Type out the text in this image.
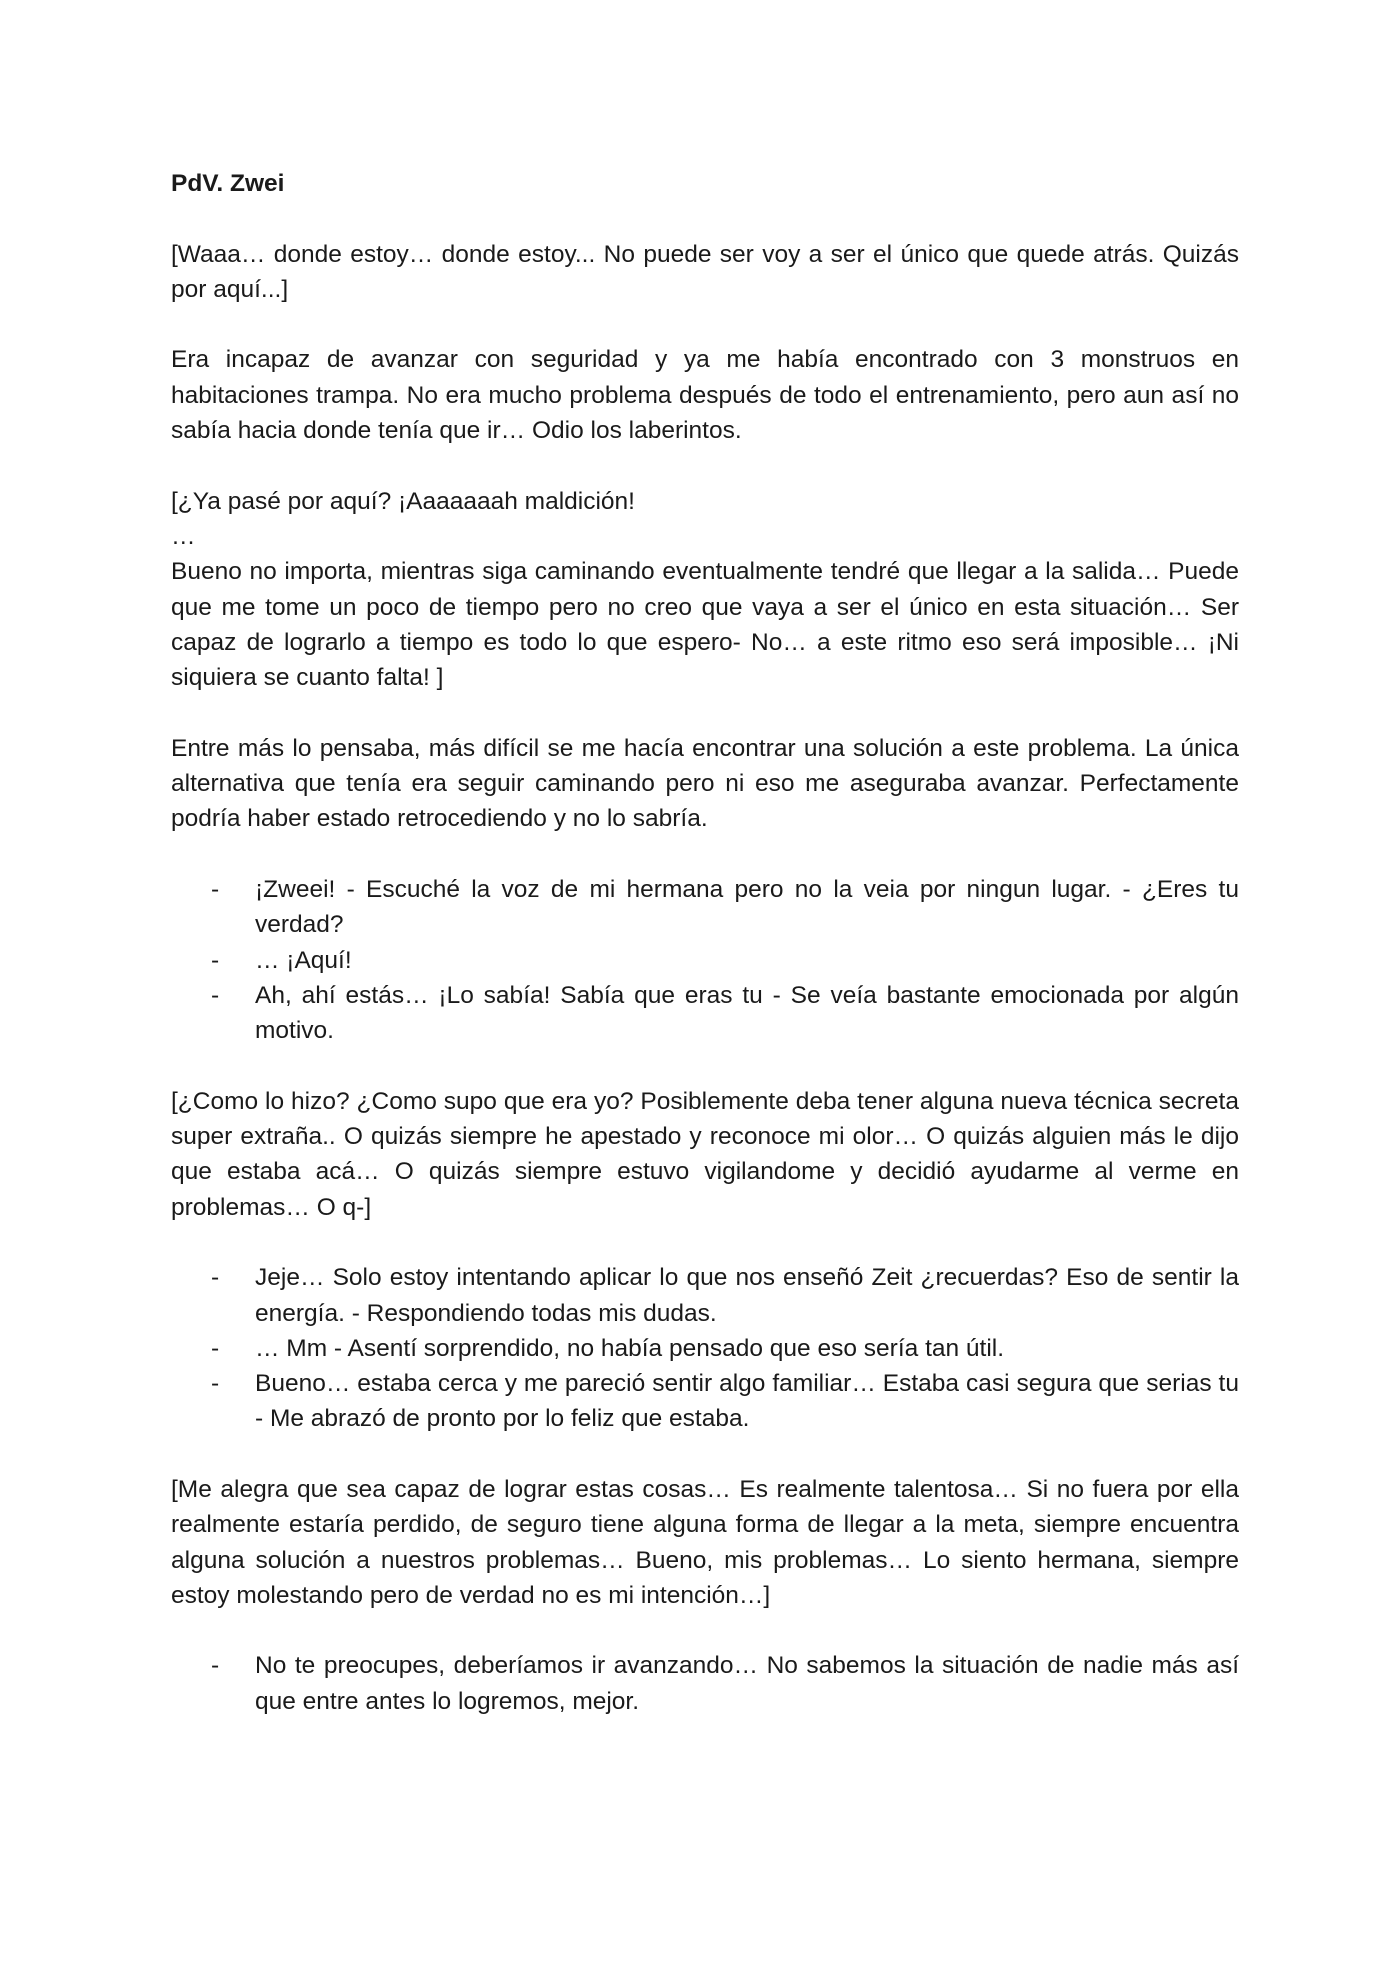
PdV. Zwei
[Waaa… donde estoy… donde estoy... No puede ser voy a ser el único que quede atrás. Quizás por aquí...]
Era incapaz de avanzar con seguridad y ya me había encontrado con 3 monstruos en habitaciones trampa. No era mucho problema después de todo el entrenamiento, pero aun así no sabía hacia donde tenía que ir… Odio los laberintos.
[¿Ya pasé por aquí? ¡Aaaaaaah maldición!
…
Bueno no importa, mientras siga caminando eventualmente tendré que llegar a la salida… Puede que me tome un poco de tiempo pero no creo que vaya a ser el único en esta situación… Ser capaz de lograrlo a tiempo es todo lo que espero- No… a este ritmo eso será imposible… ¡Ni siquiera se cuanto falta! ]
Entre más lo pensaba, más difícil se me hacía encontrar una solución a este problema. La única alternativa que tenía era seguir caminando pero ni eso me aseguraba avanzar. Perfectamente podría haber estado retrocediendo y no lo sabría.
- ¡Zweei! - Escuché la voz de mi hermana pero no la veia por ningun lugar. - ¿Eres tu verdad?
- … ¡Aquí!
- Ah, ahí estás… ¡Lo sabía! Sabía que eras tu - Se veía bastante emocionada por algún motivo.
[¿Como lo hizo? ¿Como supo que era yo? Posiblemente deba tener alguna nueva técnica secreta super extraña.. O quizás siempre he apestado y reconoce mi olor… O quizás alguien más le dijo que estaba acá… O quizás siempre estuvo vigilandome y decidió ayudarme al verme en problemas… O q-]
- Jeje… Solo estoy intentando aplicar lo que nos enseñó Zeit ¿recuerdas? Eso de sentir la energía. - Respondiendo todas mis dudas.
- … Mm - Asentí sorprendido, no había pensado que eso sería tan útil.
- Bueno… estaba cerca y me pareció sentir algo familiar… Estaba casi segura que serias tu - Me abrazó de pronto por lo feliz que estaba.
[Me alegra que sea capaz de lograr estas cosas… Es realmente talentosa… Si no fuera por ella realmente estaría perdido, de seguro tiene alguna forma de llegar a la meta, siempre encuentra alguna solución a nuestros problemas… Bueno, mis problemas… Lo siento hermana, siempre estoy molestando pero de verdad no es mi intención…]
- No te preocupes, deberíamos ir avanzando… No sabemos la situación de nadie más así que entre antes lo logremos, mejor.
